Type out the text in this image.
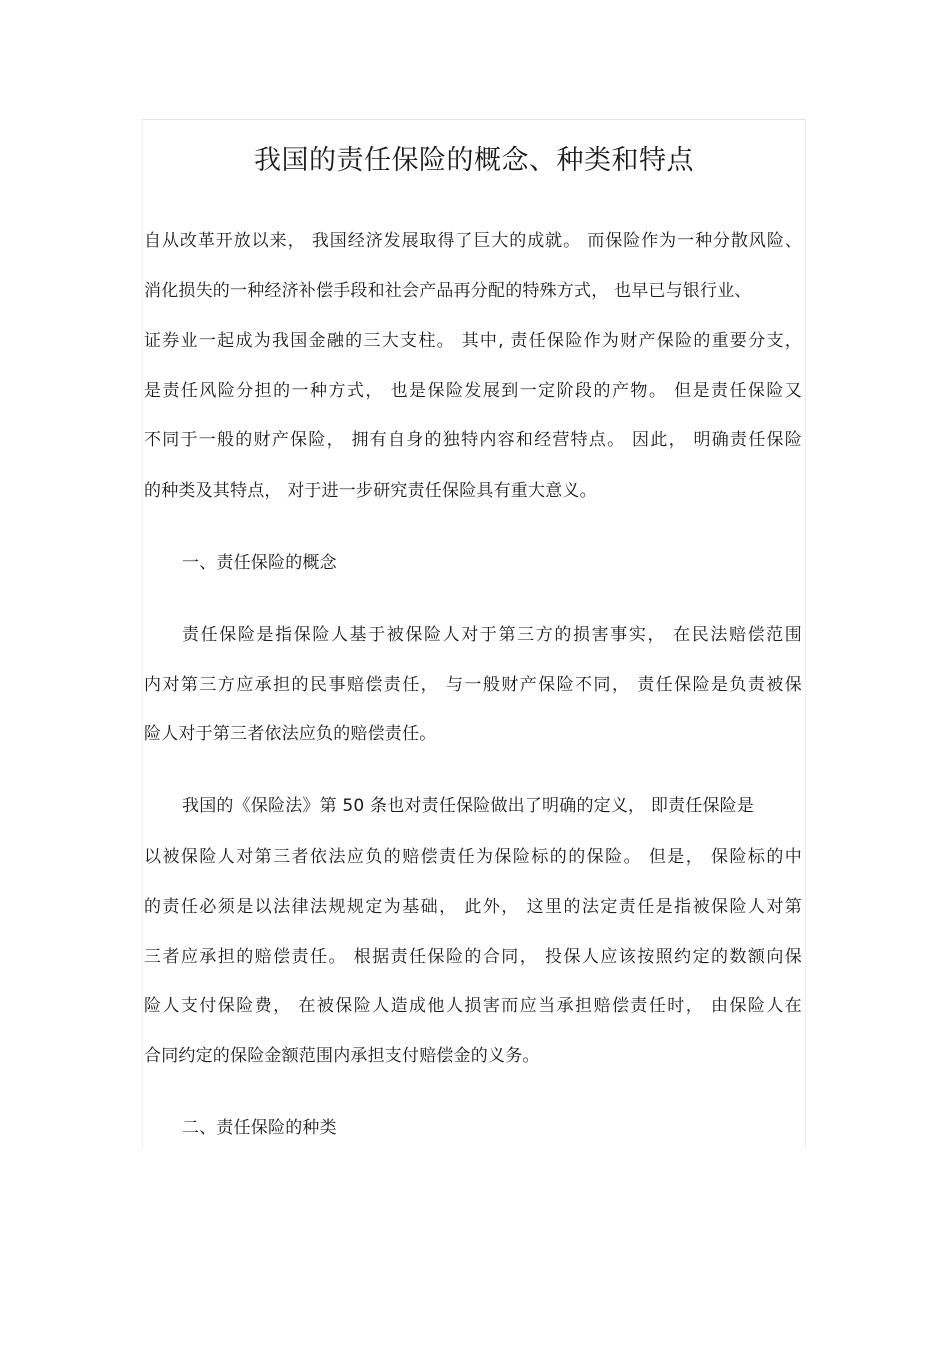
我国的责任保险的概念、种类和特点
自从改革开放以来， 我国经济发展取得了巨大的成就。 而保险作为一种分散风险、
消化损失的一种经济补偿手段和社会产品再分配的特殊方式， 也早已与银行业、
证券业一起成为我国金融的三大支柱。 其中, 责任保险作为财产保险的重要分支，
是责任风险分担的一种方式， 也是保险发展到一定阶段的产物。 但是责任保险又
不同于一般的财产保险， 拥有自身的独特内容和经营特点。 因此， 明确责任保险
的种类及其特点， 对于进一步研究责任保险具有重大意义。
一、责任保险的概念
责任保险是指保险人基于被保险人对于第三方的损害事实， 在民法赔偿范围
内对第三方应承担的民事赔偿责任， 与一般财产保险不同， 责任保险是负责被保
险人对于第三者依法应负的赔偿责任。
我国的《保险法》第 50 条也对责任保险做出了明确的定义， 即责任保险是
以被保险人对第三者依法应负的赔偿责任为保险标的的保险。 但是， 保险标的中
的责任必须是以法律法规规定为基础， 此外， 这里的法定责任是指被保险人对第
三者应承担的赔偿责任。 根据责任保险的合同， 投保人应该按照约定的数额向保
险人支付保险费， 在被保险人造成他人损害而应当承担赔偿责任时， 由保险人在
合同约定的保险金额范围内承担支付赔偿金的义务。
二、责任保险的种类
